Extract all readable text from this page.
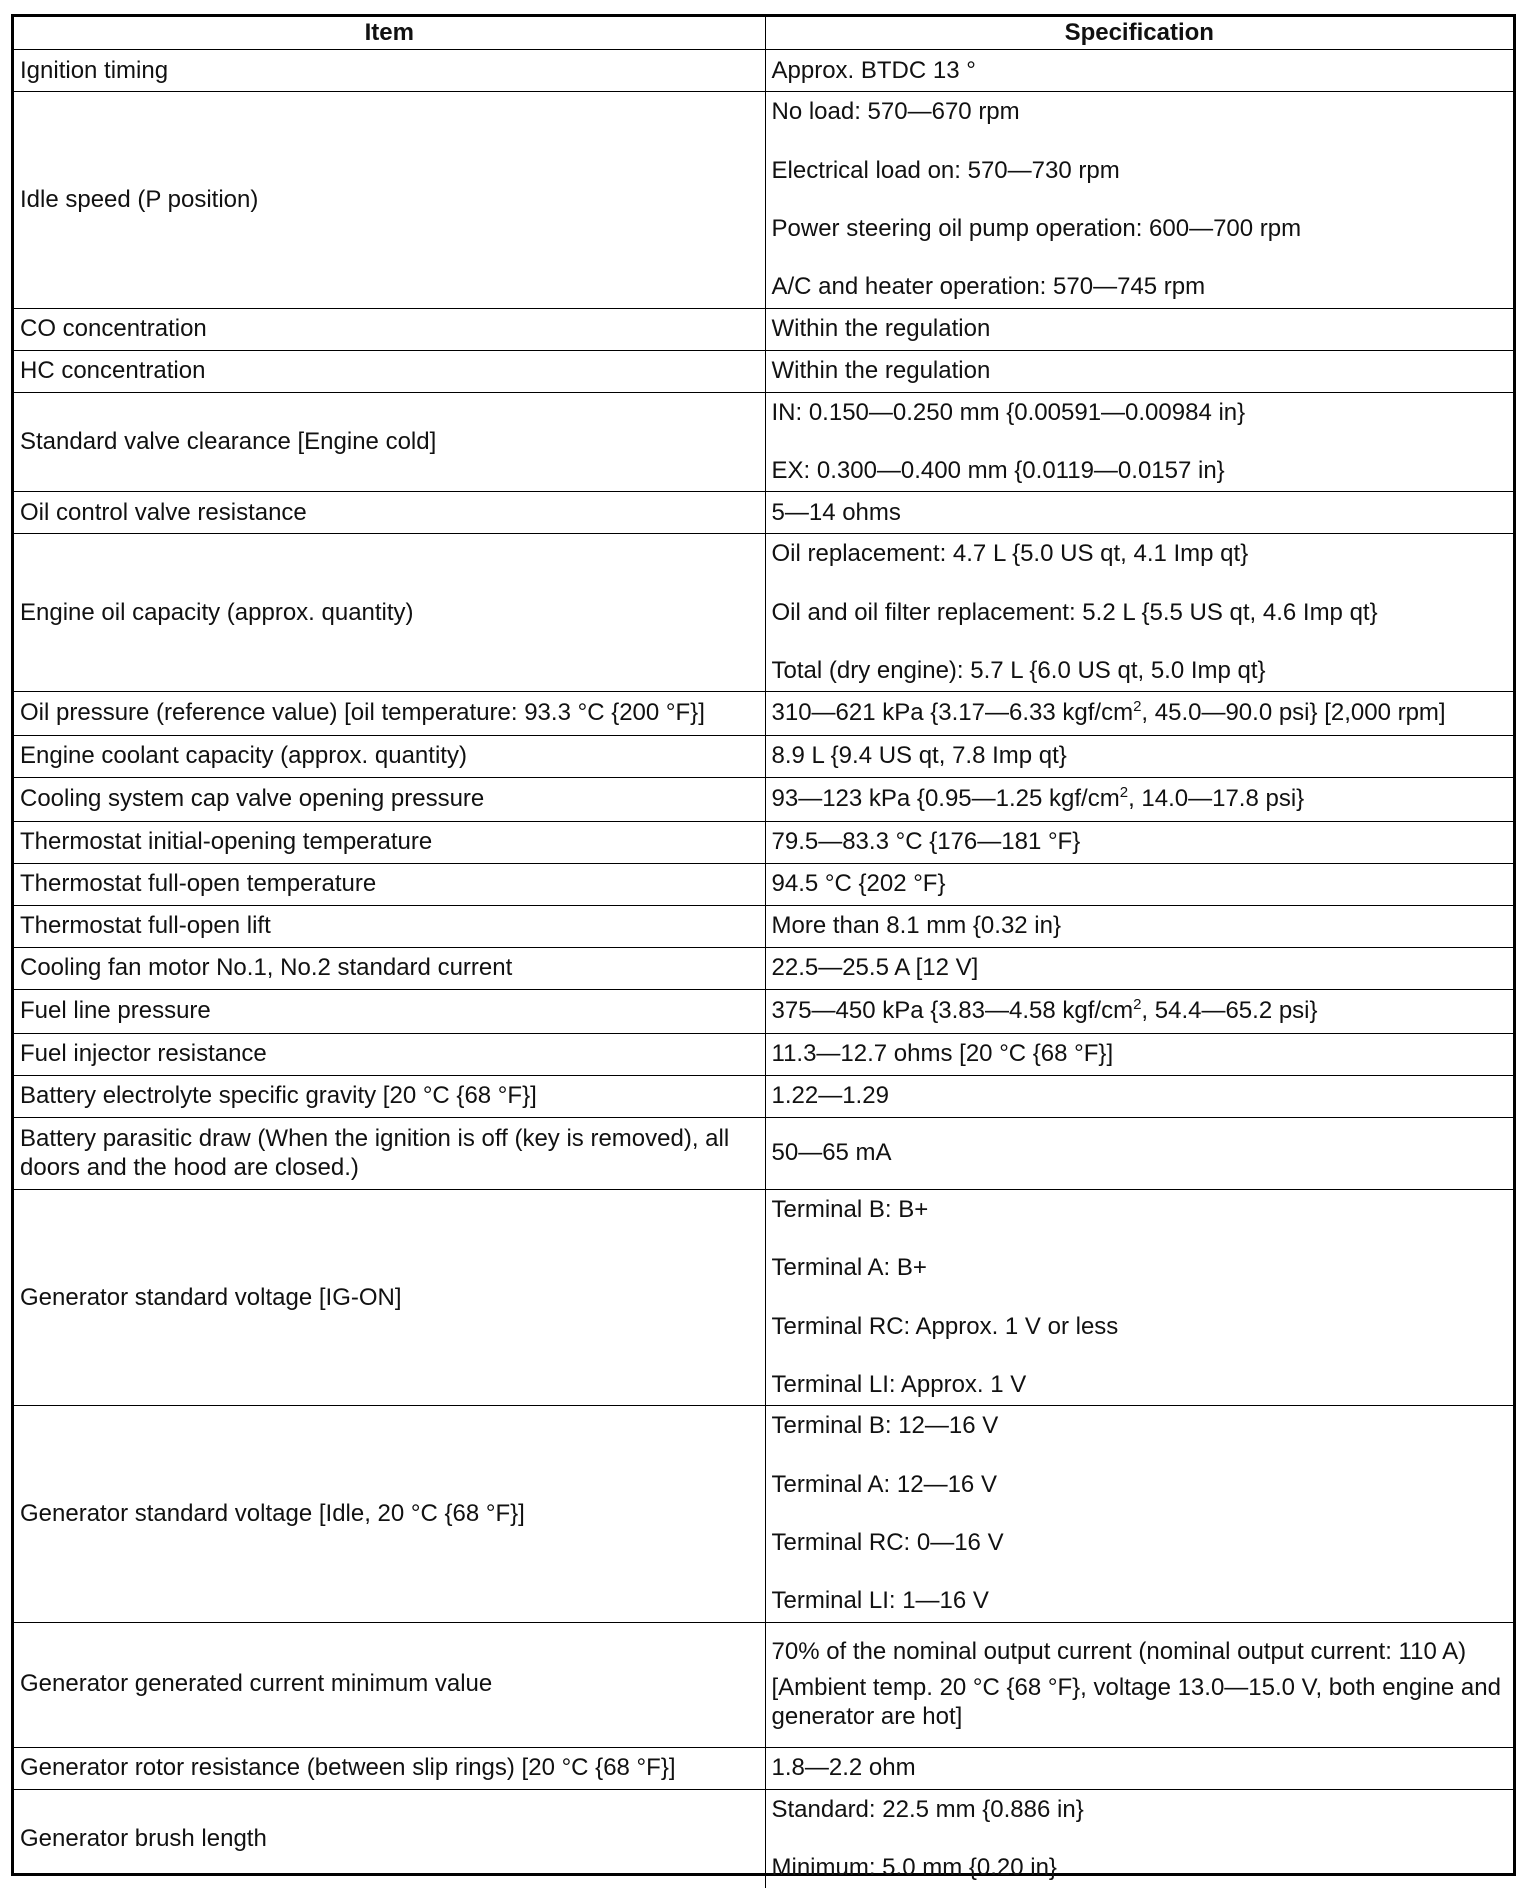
Item	Specification
Ignition timing	Approx. BTDC 13 °

Idle speed (P position)	No load: 570—670 rpm
Electrical load on: 570—730 rpm
Power steering oil pump operation: 600—700 rpm
A/C and heater operation: 570—745 rpm

CO concentration	Within the regulation

HC concentration	Within the regulation

Standard valve clearance [Engine cold]	IN: 0.150—0.250 mm {0.00591—0.00984 in}
EX: 0.300—0.400 mm {0.0119—0.0157 in}

Oil control valve resistance	5—14 ohms

Engine oil capacity (approx. quantity)	Oil replacement: 4.7 L {5.0 US qt, 4.1 Imp qt}
Oil and oil filter replacement: 5.2 L {5.5 US qt, 4.6 Imp qt}
Total (dry engine): 5.7 L {6.0 US qt, 5.0 Imp qt}

Oil pressure (reference value) [oil temperature: 93.3 °C {200 °F}]	310—621 kPa {3.17—6.33 kgf/$cm^2$, 45.0—90.0 psi} [2,000 rpm]

Engine coolant capacity (approx. quantity)	8.9 L {9.4 US qt, 7.8 Imp qt}

Cooling system cap valve opening pressure	93—123 kPa {0.95—1.25 kgf/$cm^2$, 14.0—17.8 psi}

Thermostat initial-opening temperature	79.5—83.3 °C {176—181 °F}

Thermostat full-open temperature	94.5 °C {202 °F}

Thermostat full-open lift	More than 8.1 mm {0.32 in}

Cooling fan motor No.1, No.2 standard current	22.5—25.5 A [12 V]

Fuel line pressure	375—450 kPa {3.83—4.58 kgf/$cm^2$, 54.4—65.2 psi}

Fuel injector resistance	11.3—12.7 ohms [20 °C {68 °F}]

Battery electrolyte specific gravity [20 °C {68 °F}]	1.22—1.29

Battery parasitic draw (When the ignition is off (key is removed), all doors and the hood are closed.)	50—65 mA

Generator standard voltage [IG-ON]	Terminal B: B+
Terminal A: B+
Terminal RC: Approx. 1 V or less
Terminal LI: Approx. 1 V

Generator standard voltage [Idle, 20 °C {68 °F}]	Terminal B: 12—16 V
Terminal A: 12—16 V
Terminal RC: 0—16 V
Terminal LI: 1—16 V

Generator generated current minimum value	70% of the nominal output current (nominal output current: 110 A)
[Ambient temp. 20 °C {68 °F}, voltage 13.0—15.0 V, both engine and generator are hot]

Generator rotor resistance (between slip rings) [20 °C {68 °F}]	1.8—2.2 ohm

Generator brush length	Standard: 22.5 mm {0.886 in}
Minimum: 5.0 mm {0.20 in}
